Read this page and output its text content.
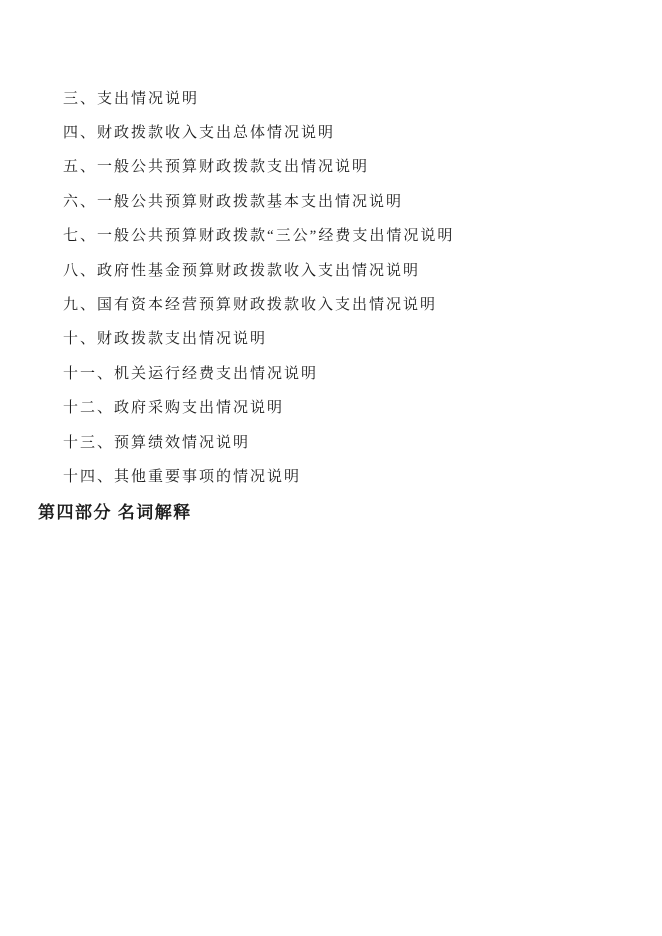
三、支出情况说明
四、财政拨款收入支出总体情况说明
五、一般公共预算财政拨款支出情况说明
六、一般公共预算财政拨款基本支出情况说明
七、一般公共预算财政拨款“三公”经费支出情况说明
八、政府性基金预算财政拨款收入支出情况说明
九、国有资本经营预算财政拨款收入支出情况说明
十、财政拨款支出情况说明
十一、机关运行经费支出情况说明
十二、政府采购支出情况说明
十三、预算绩效情况说明
十四、其他重要事项的情况说明
第四部分 名词解释
